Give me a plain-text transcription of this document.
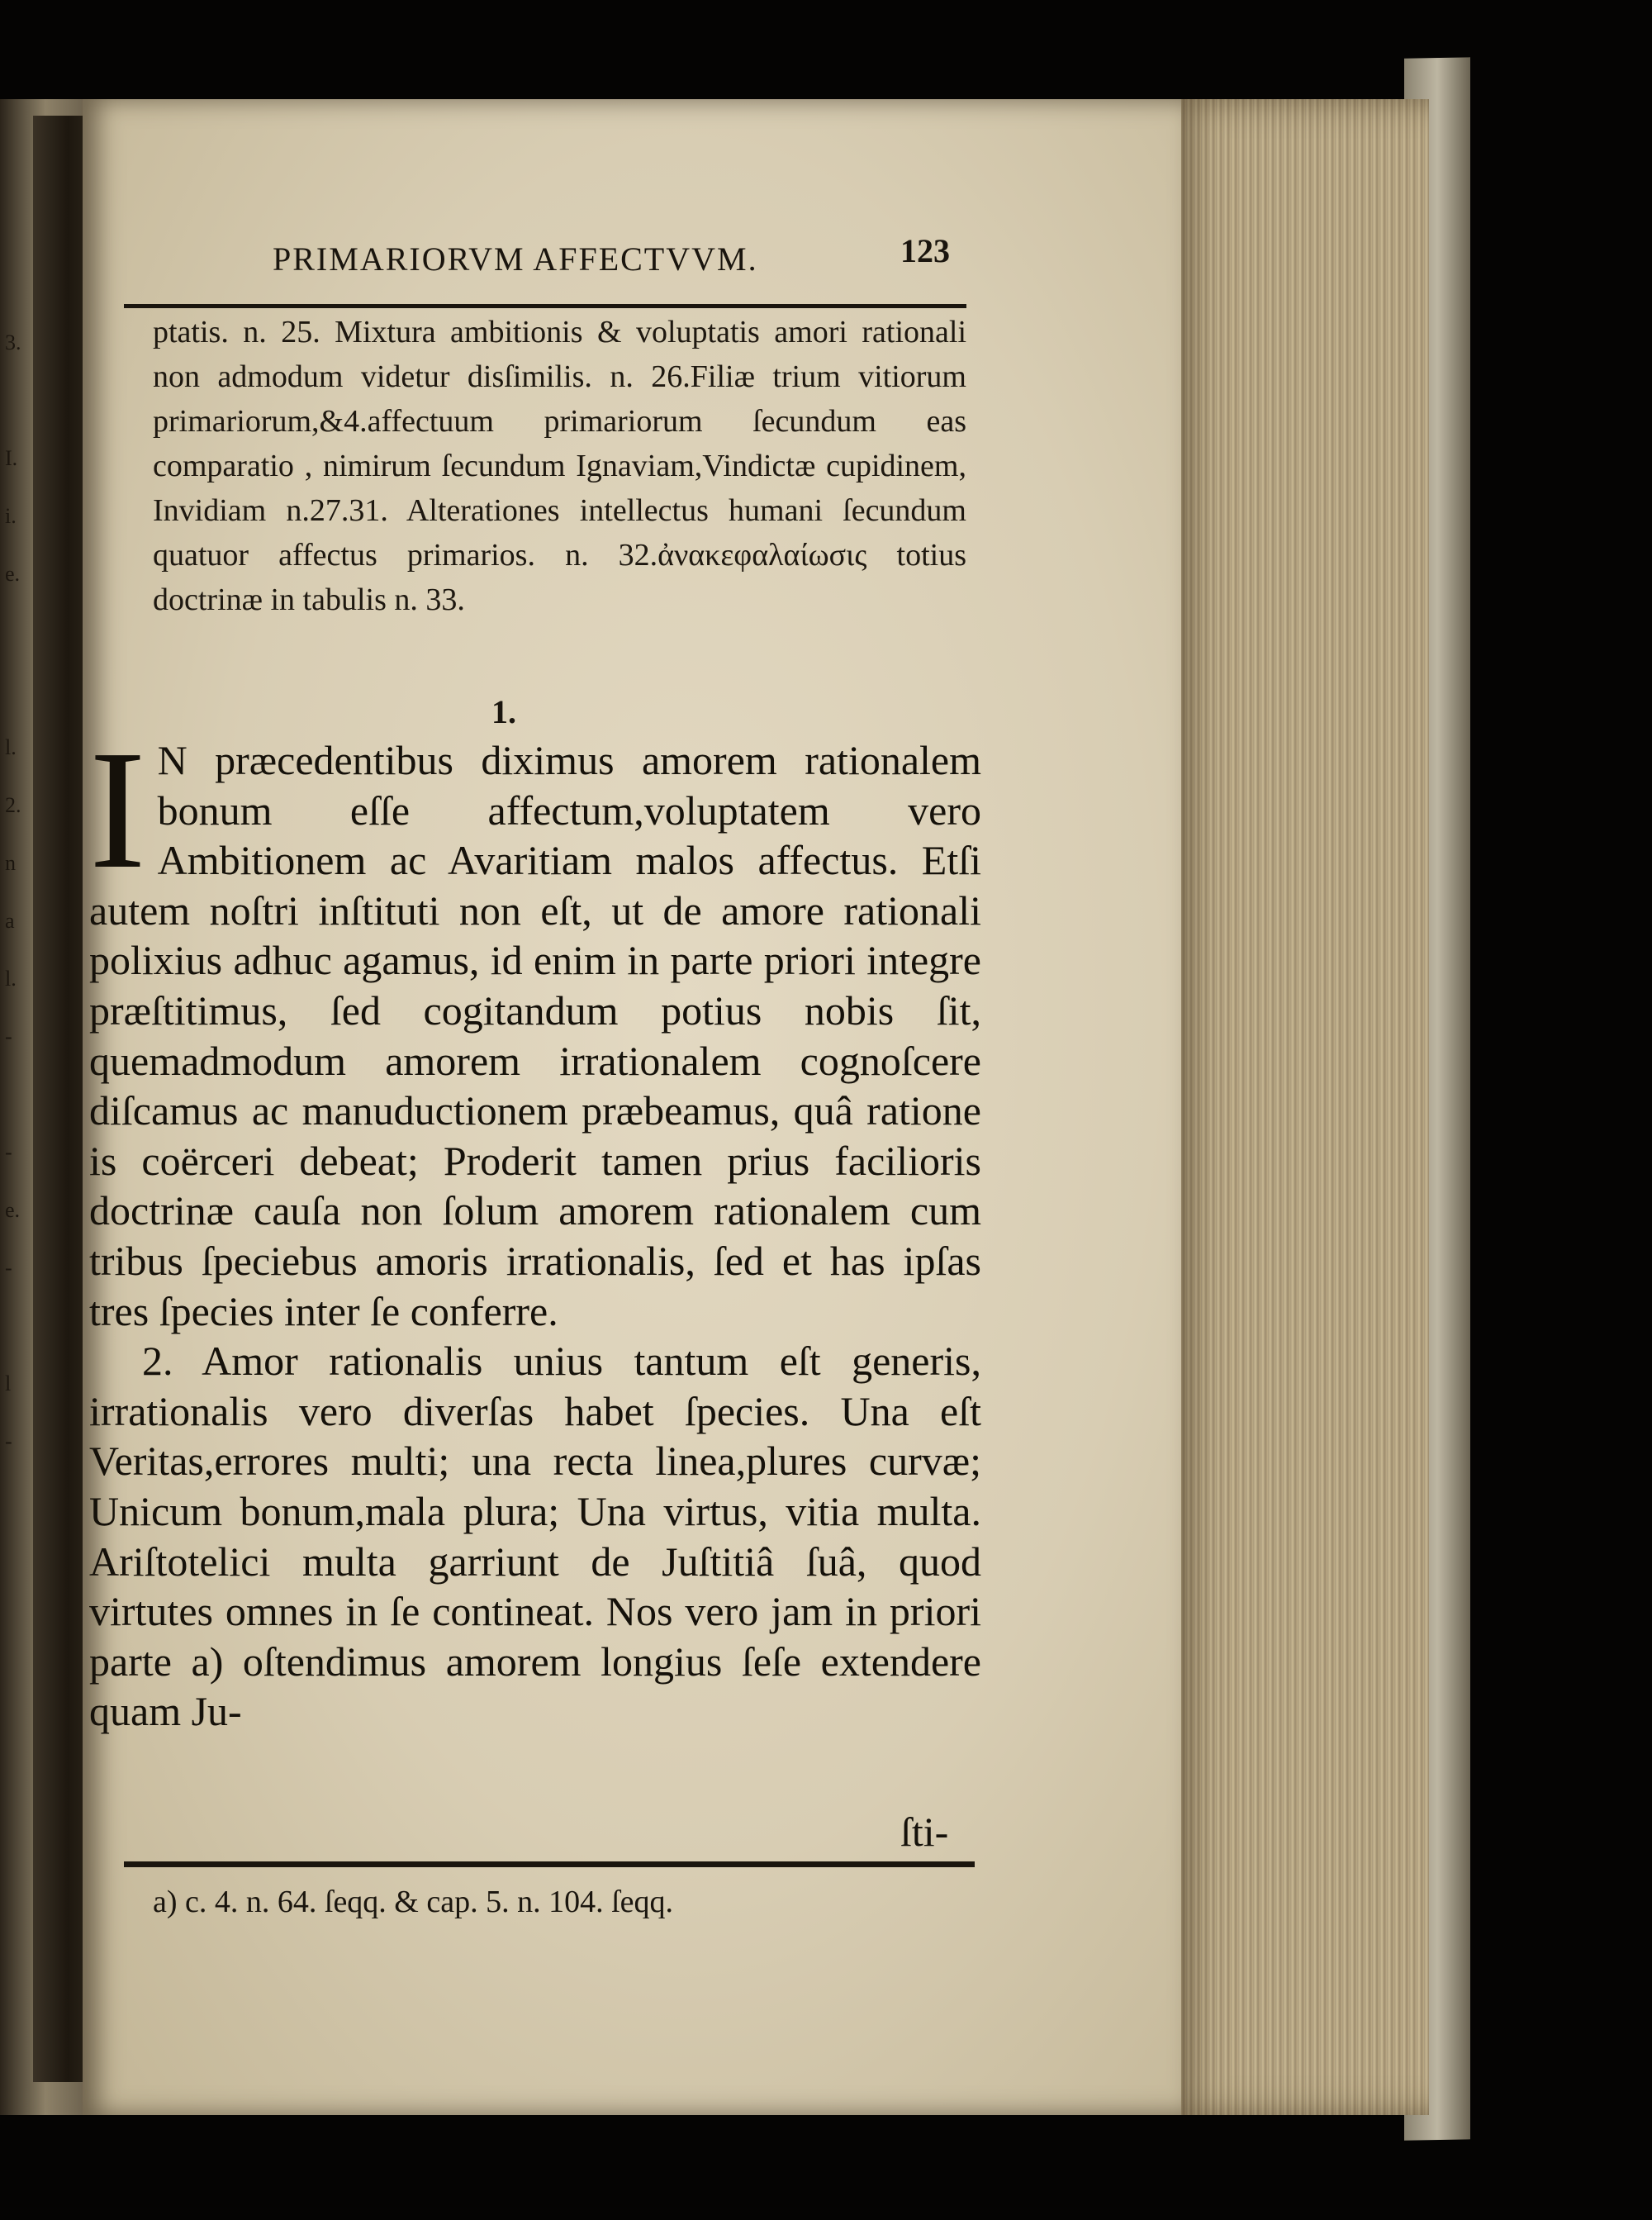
3.

I.
i.
e.

l.
2.
n
a
l.
-

-
e.
-

l
-

PRIMARIORVM AFFECTVVM.	123
ptatis. n. 25. Mixtura ambitionis & voluptatis amori rationali non admodum videtur disſimilis. n. 26.Filiæ trium vitiorum primariorum,&4.affectuum primariorum ſecundum eas comparatio , nimirum ſecundum Ignaviam,Vindictæ cupidinem, Invidiam n.27.31. Alterationes intellectus humani ſecundum quatuor affectus primarios. n. 32.ἀνακεφαλαίωσις totius doctrinæ in tabulis n. 33.
1.

I N præcedentibus diximus amorem rationalem bonum eſſe affectum,voluptatem vero Ambitionem ac Avaritiam malos affectus. Etſi autem noſtri inſtituti non eſt, ut de amore rationali polixius adhuc agamus, id enim in parte priori integre præſtitimus, ſed cogitandum potius nobis ſit, quemadmodum amorem irrationalem cognoſcere diſcamus ac manuductionem præbeamus, quâ ratione is coërceri debeat; Proderit tamen prius facilioris doctrinæ cauſa non ſolum amorem rationalem cum tribus ſpeciebus amoris irrationalis, ſed et has ipſas tres ſpecies inter ſe conferre.

2. Amor rationalis unius tantum eſt generis, irrationalis vero diverſas habet ſpecies. Una eſt Veritas,errores multi; una recta linea,plures curvæ; Unicum bonum,mala plura; Una virtus, vitia multa. Ariſtotelici multa garriunt de Juſtitiâ ſuâ, quod virtutes omnes in ſe contineat. Nos vero jam in priori parte a) oſtendimus amorem longius ſeſe extendere quam Ju-

ſti-
a) c. 4. n. 64. ſeqq. & cap. 5. n. 104. ſeqq.
